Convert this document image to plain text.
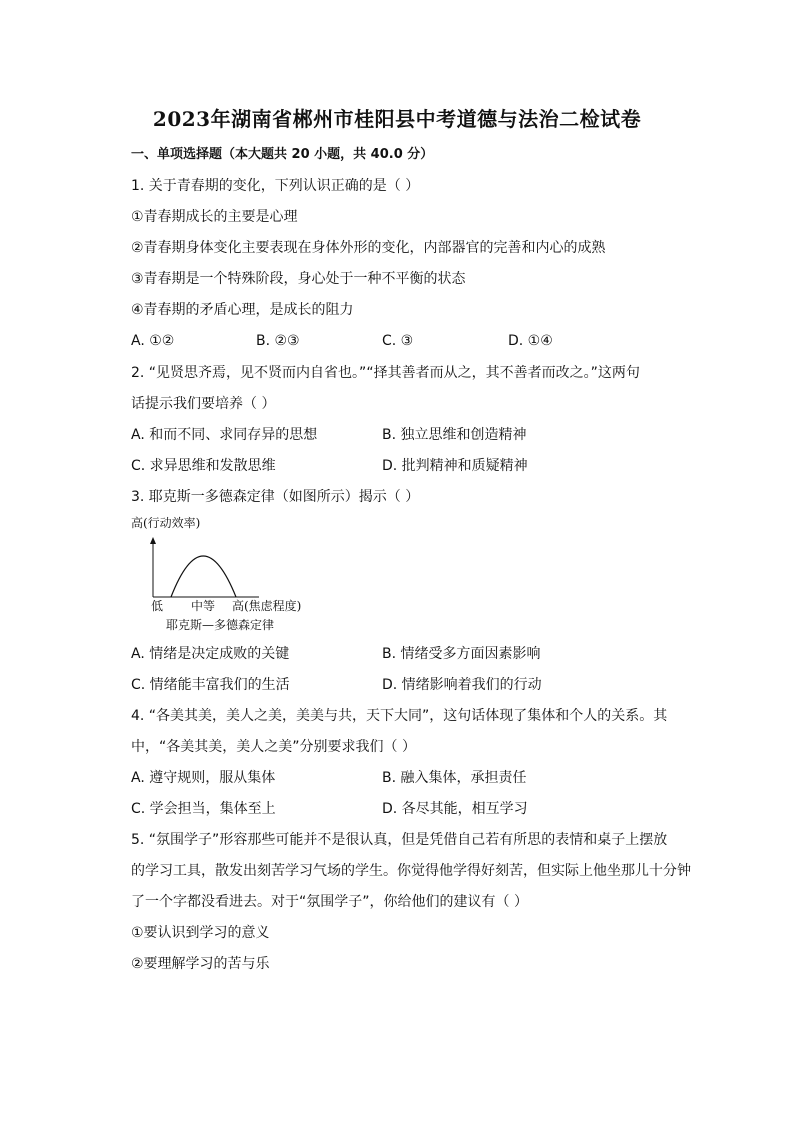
2023年湖南省郴州市桂阳县中考道德与法治二检试卷
一、单项选择题（本大题共 20 小题，共 40.0 分）
1. 关于青春期的变化，下列认识正确的是（ ）
①青春期成长的主要是心理
②青春期身体变化主要表现在身体外形的变化，内部器官的完善和内心的成熟
③青春期是一个特殊阶段，身心处于一种不平衡的状态
④青春期的矛盾心理，是成长的阻力
A. ①②	B. ②③	C. ③	D. ①④
2. “见贤思齐焉，见不贤而内自省也。”“择其善者而从之，其不善者而改之。”这两句
话提示我们要培养（ ）
A. 和而不同、求同存异的思想	B. 独立思维和创造精神
C. 求异思维和发散思维	D. 批判精神和质疑精神
3. 耶克斯一多德森定律（如图所示）揭示（ ）
高(行动效率)
低 中等 高(焦虑程度)
耶克斯—多德森定律
A. 情绪是决定成败的关键	B. 情绪受多方面因素影响
C. 情绪能丰富我们的生活	D. 情绪影响着我们的行动
4. “各美其美，美人之美，美美与共，天下大同”，这句话体现了集体和个人的关系。其
中，“各美其美，美人之美”分别要求我们（ ）
A. 遵守规则，服从集体	B. 融入集体，承担责任
C. 学会担当，集体至上	D. 各尽其能，相互学习
5. “氛围学子”形容那些可能并不是很认真，但是凭借自己若有所思的表情和桌子上摆放
的学习工具，散发出刻苦学习气场的学生。你觉得他学得好刻苦，但实际上他坐那儿十分钟
了一个字都没看进去。对于“氛围学子”，你给他们的建议有（ ）
①要认识到学习的意义
②要理解学习的苦与乐
